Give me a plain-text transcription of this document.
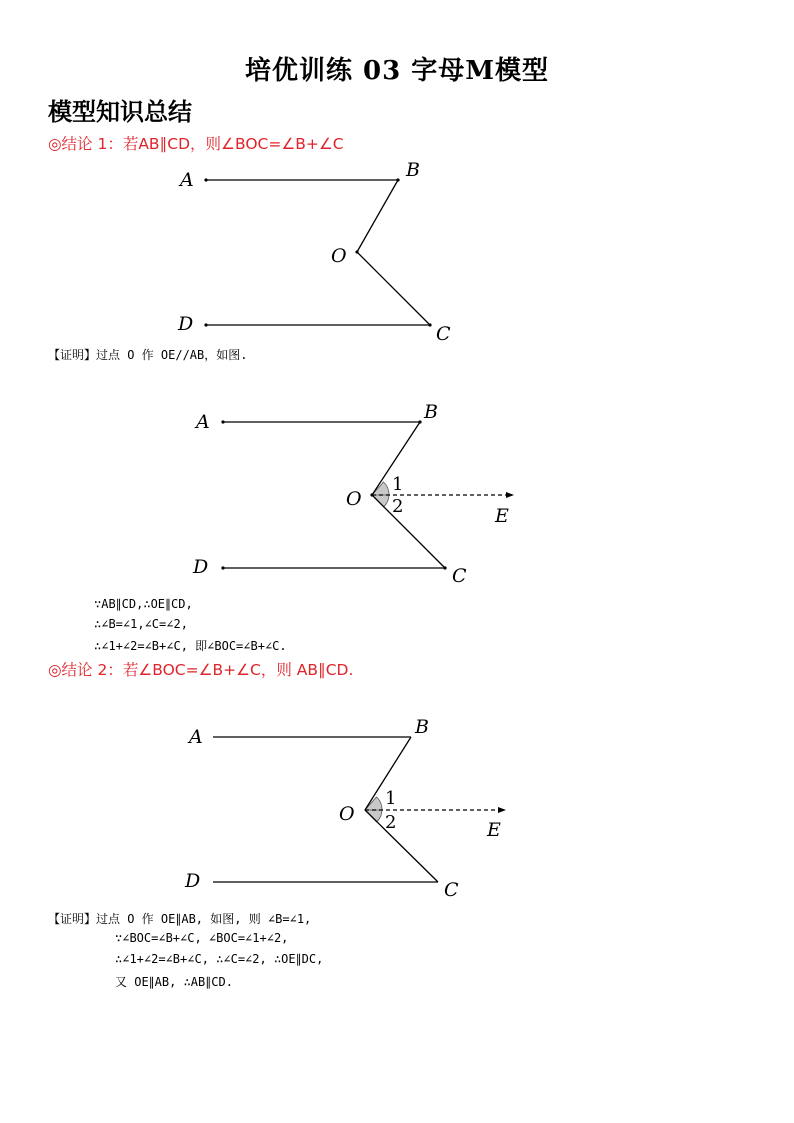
培优训练 03 字母M模型
模型知识总结
◎结论 1：若AB∥CD，则∠BOC=∠B+∠C
A	B
O
D	C
【证明】过点 O 作 OE//AB，如图.
A	B
O
1
2	E
D	C
∵AB∥CD,∴OE∥CD,
∴∠B=∠1,∠C=∠2,
∴∠1+∠2=∠B+∠C, 即∠BOC=∠B+∠C.
◎结论 2：若∠BOC=∠B+∠C，则 AB∥CD.
A	B
O
1
2	E
D	C
【证明】过点 O 作 OE∥AB, 如图, 则 ∠B=∠1,
∵∠BOC=∠B+∠C, ∠BOC=∠1+∠2,
∴∠1+∠2=∠B+∠C, ∴∠C=∠2, ∴OE∥DC,
又 OE∥AB, ∴AB∥CD.
